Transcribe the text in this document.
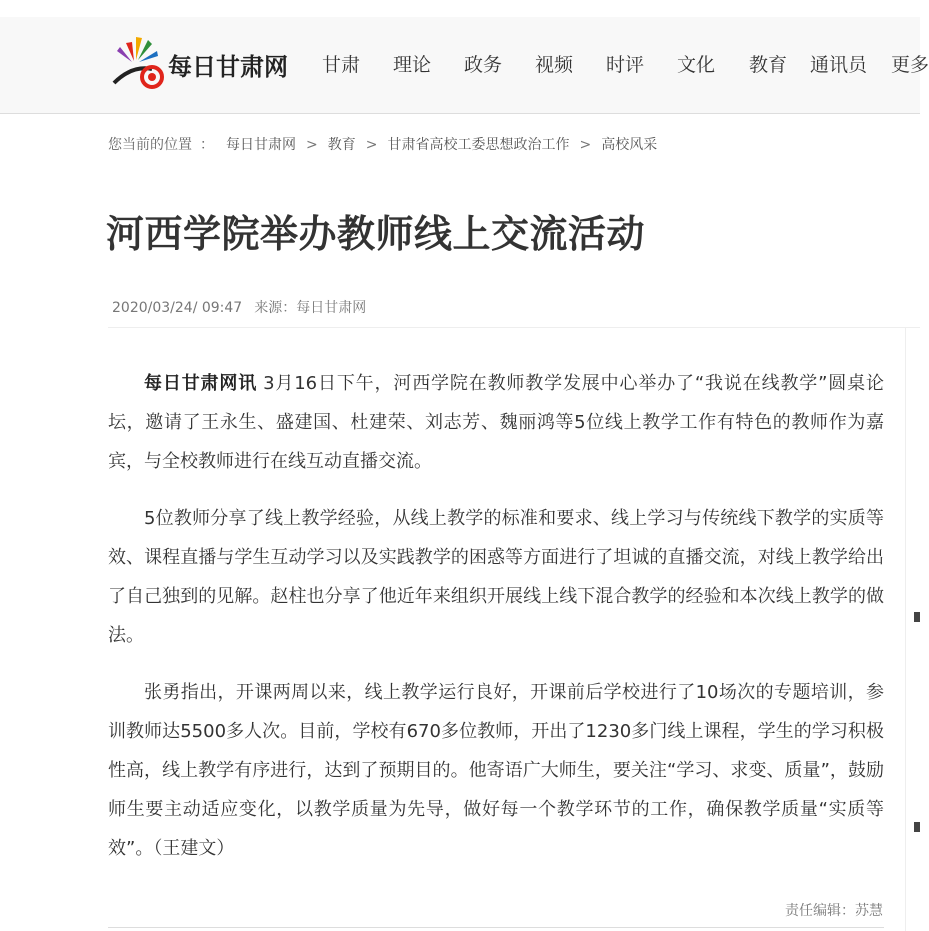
每日甘肃网 甘肃 理论 政务 视频 时评 文化 教育 通讯员 更多
您当前的位置 ： 每日甘肃网 > 教育 > 甘肃省高校工委思想政治工作 > 高校风采
河西学院举办教师线上交流活动
2020/03/24/ 09:47 来源：每日甘肃网

每日甘肃网讯 3月16日下午，河西学院在教师教学发展中心举办了“我说在线教学”圆桌论坛，邀请了王永生、盛建国、杜建荣、刘志芳、魏丽鸿等5位线上教学工作有特色的教师作为嘉宾，与全校教师进行在线互动直播交流。

5位教师分享了线上教学经验，从线上教学的标准和要求、线上学习与传统线下教学的实质等效、课程直播与学生互动学习以及实践教学的困惑等方面进行了坦诚的直播交流，对线上教学给出了自己独到的见解。赵柱也分享了他近年来组织开展线上线下混合教学的经验和本次线上教学的做法。

张勇指出，开课两周以来，线上教学运行良好，开课前后学校进行了10场次的专题培训，参训教师达5500多人次。目前，学校有670多位教师，开出了1230多门线上课程，学生的学习积极性高，线上教学有序进行，达到了预期目的。他寄语广大师生，要关注“学习、求变、质量”，鼓励师生要主动适应变化，以教学质量为先导，做好每一个教学环节的工作，确保教学质量“实质等效”。（王建文）

责任编辑：苏慧
